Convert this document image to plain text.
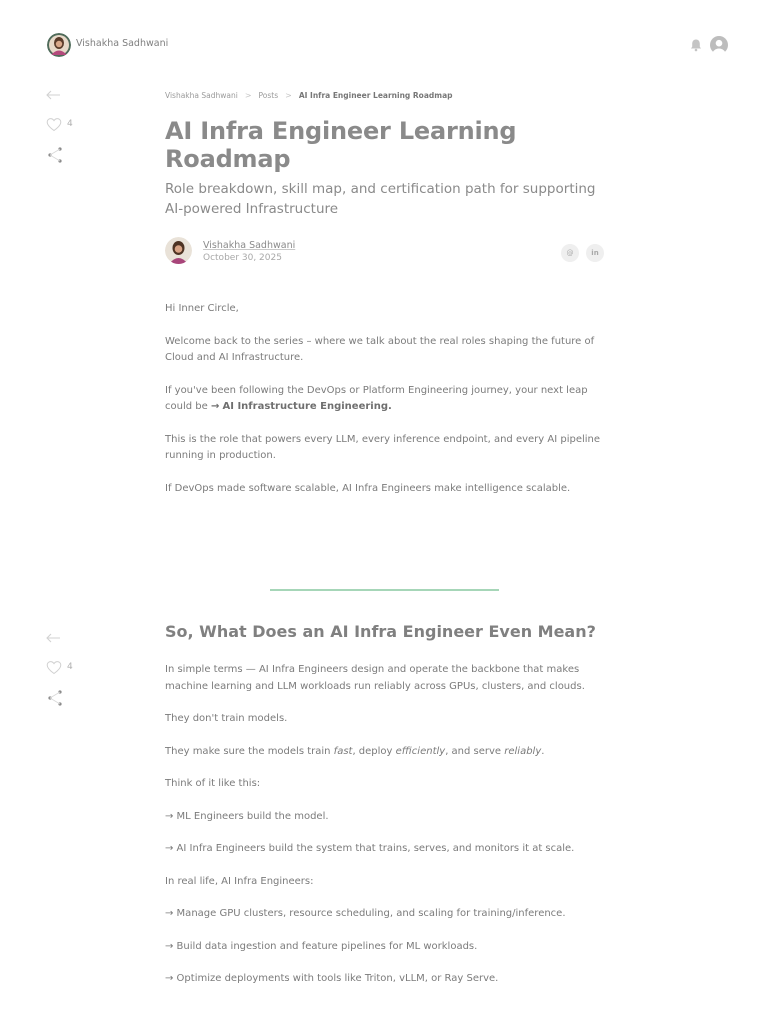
Vishakha Sadhwani
4
4
Vishakha Sadhwani > Posts > AI Infra Engineer Learning Roadmap
AI Infra Engineer Learning Roadmap

Role breakdown, skill map, and certification path for supporting AI-powered Infrastructure

Vishakha Sadhwani
October 30, 2025	@	in

Hi Inner Circle,

Welcome back to the series – where we talk about the real roles shaping the future of Cloud and AI Infrastructure.

If you've been following the DevOps or Platform Engineering journey, your next leap could be → AI Infrastructure Engineering.

This is the role that powers every LLM, every inference endpoint, and every AI pipeline running in production.

If DevOps made software scalable, AI Infra Engineers make intelligence scalable.

So, What Does an AI Infra Engineer Even Mean?

In simple terms — AI Infra Engineers design and operate the backbone that makes machine learning and LLM workloads run reliably across GPUs, clusters, and clouds.

They don't train models.

They make sure the models train fast, deploy efficiently, and serve reliably.

Think of it like this:

→ ML Engineers build the model.

→ AI Infra Engineers build the system that trains, serves, and monitors it at scale.

In real life, AI Infra Engineers:

→ Manage GPU clusters, resource scheduling, and scaling for training/inference.

→ Build data ingestion and feature pipelines for ML workloads.

→ Optimize deployments with tools like Triton, vLLM, or Ray Serve.
